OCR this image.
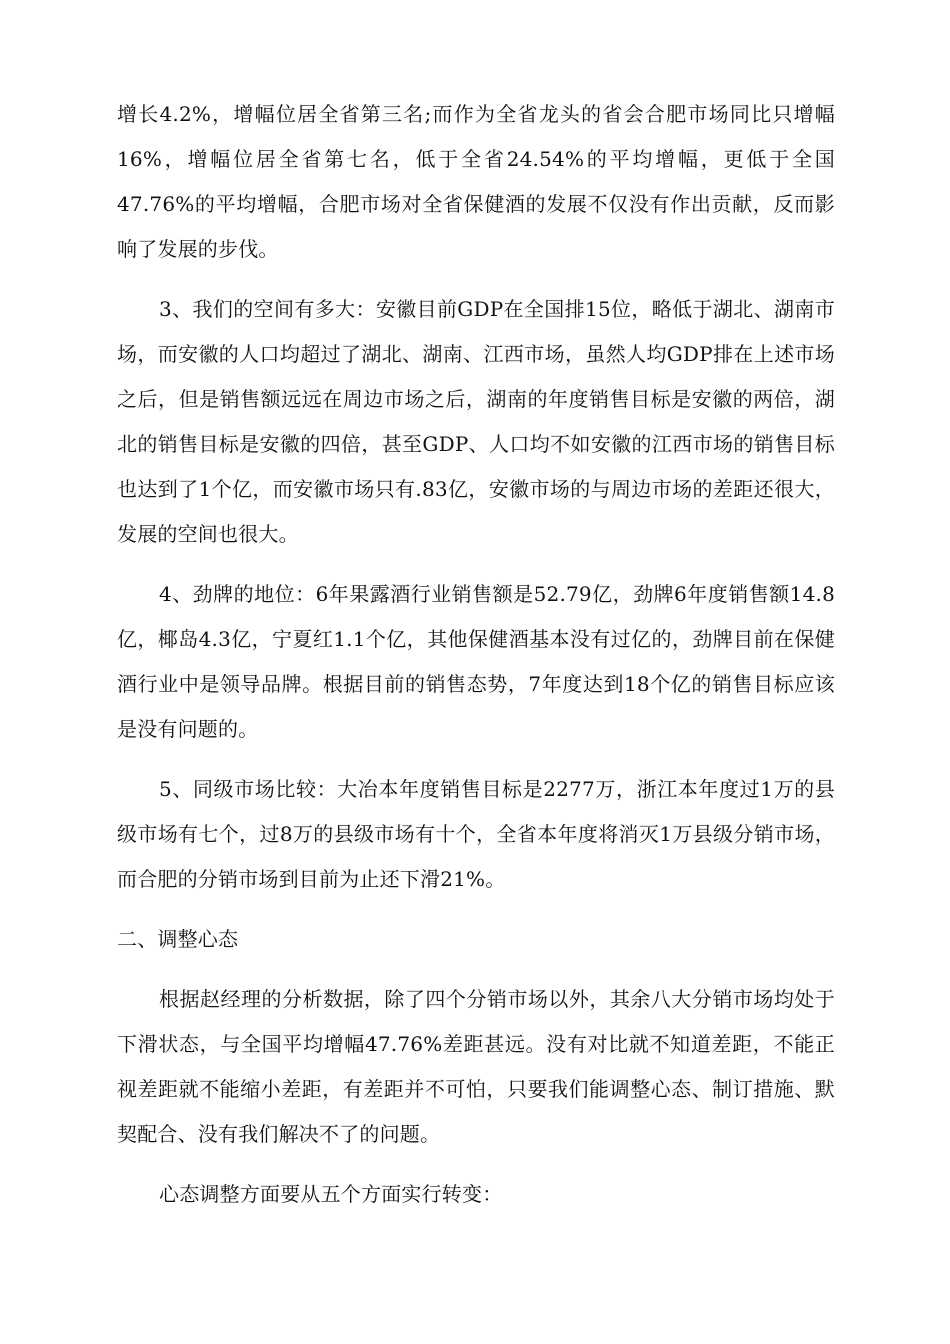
增长4.2%，增幅位居全省第三名;而作为全省龙头的省会合肥市场同比只增幅16%，增幅位居全省第七名，低于全省24.54%的平均增幅，更低于全国 47.76%的平均增幅，合肥市场对全省保健酒的发展不仅没有作出贡献，反而影响了发展的步伐。

3、我们的空间有多大：安徽目前GDP在全国排15位，略低于湖北、湖南市场，而安徽的人口均超过了湖北、湖南、江西市场，虽然人均GDP排在上述市场之后，但是销售额远远在周边市场之后，湖南的年度销售目标是安徽的两倍，湖北的销售目标是安徽的四倍，甚至GDP、人口均不如安徽的江西市场的销售目标也达到了1个亿，而安徽市场只有.83亿，安徽市场的与周边市场的差距还很大，发展的空间也很大。

4、劲牌的地位：6年果露酒行业销售额是52.79亿，劲牌6年度销售额14.8亿，椰岛4.3亿，宁夏红1.1个亿，其他保健酒基本没有过亿的，劲牌目前在保健酒行业中是领导品牌。根据目前的销售态势，7年度达到18个亿的销售目标应该是没有问题的。

5、同级市场比较：大冶本年度销售目标是2277万，浙江本年度过1万的县级市场有七个，过8万的县级市场有十个，全省本年度将消灭1万县级分销市场，而合肥的分销市场到目前为止还下滑21%。

二、调整心态

根据赵经理的分析数据，除了四个分销市场以外，其余八大分销市场均处于下滑状态，与全国平均增幅47.76%差距甚远。没有对比就不知道差距，不能正视差距就不能缩小差距，有差距并不可怕，只要我们能调整心态、制订措施、默契配合、没有我们解决不了的问题。

心态调整方面要从五个方面实行转变：
